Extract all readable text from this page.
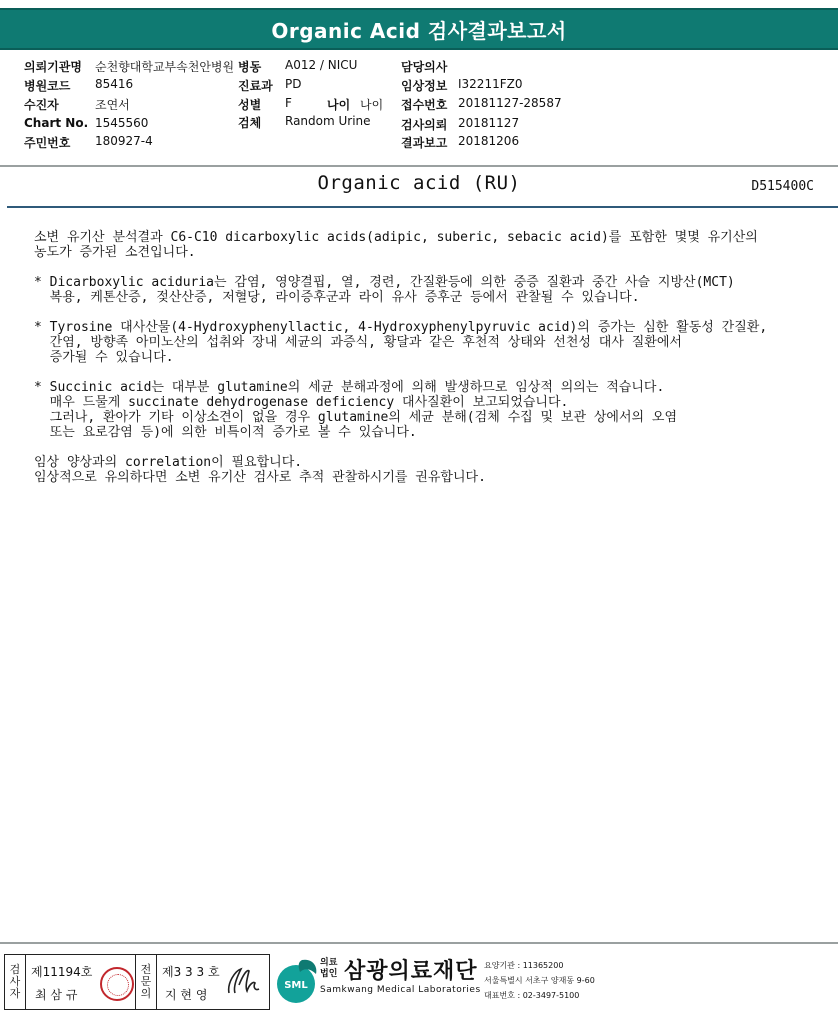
Organic Acid 검사결과보고서
의뢰기관명 순천향대학교부속천안병원 병동 A012 / NICU	담당의사
병원코드 85416	진료과 PD	임상정보 I32211FZ0
수진자	조연서	성별 F	나이 나이 접수번호 20181127-28587
Chart No. 1545560	검체 Random Urine	검사의뢰 20181127
주민번호 180927-4	결과보고 20181206
Organic acid (RU)	D515400C

소변 유기산 분석결과 C6-C10 dicarboxylic acids(adipic, suberic, sebacic acid)를 포함한 몇몇 유기산의
농도가 증가된 소견입니다.

* Dicarboxylic aciduria는 감염, 영양결핍, 열, 경련, 간질환등에 의한 중증 질환과 중간 사슬 지방산(MCT)
복용, 케톤산증, 젖산산증, 저혈당, 라이증후군과 라이 유사 증후군 등에서 관찰될 수 있습니다.

* Tyrosine 대사산물(4-Hydroxyphenyllactic, 4-Hydroxyphenylpyruvic acid)의 증가는 심한 활동성 간질환,
간염, 방향족 아미노산의 섭취와 장내 세균의 과증식, 황달과 같은 후천적 상태와 선천성 대사 질환에서
증가될 수 있습니다.

* Succinic acid는 대부분 glutamine의 세균 분해과정에 의해 발생하므로 임상적 의의는 적습니다.
매우 드물게 succinate dehydrogenase deficiency 대사질환이 보고되었습니다.
그러나, 환아가 기타 이상소견이 없을 경우 glutamine의 세균 분해(검체 수집 및 보관 상에서의 오염
또는 요로감염 등)에 의한 비특이적 증가로 볼 수 있습니다.

임상 양상과의 correlation이 필요합니다.
임상적으로 유의하다면 소변 유기산 검사로 추적 관찰하시기를 권유합니다.

검
사
자
제11194호
최 삼 규
전
문
의
제3 3 3 호
지 현 영
SML
의료
법인 삼광의료재단
Samkwang Medical Laboratories
요양기관 : 11365200
서울특별시 서초구 양재동 9-60
대표번호 : 02-3497-5100
